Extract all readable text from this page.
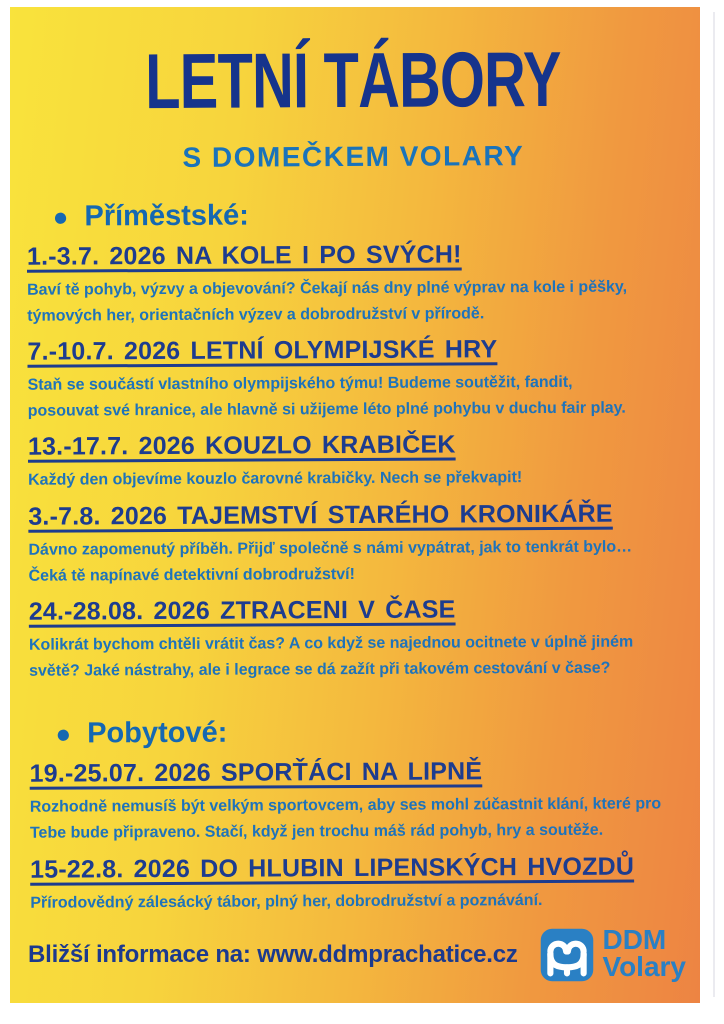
LETNÍ TÁBORY
S DOMEČKEM VOLARY
● Příměstské:
1.-3.7. 2026 NA KOLE I PO SVÝCH!

Baví tě pohyb, výzvy a objevování? Čekají nás dny plné výprav na kole i pěšky,
týmových her, orientačních výzev a dobrodružství v přírodě.

7.-10.7. 2026 LETNÍ OLYMPIJSKÉ HRY

Staň se součástí vlastního olympijského týmu! Budeme soutěžit, fandit,
posouvat své hranice, ale hlavně si užijeme léto plné pohybu v duchu fair play.

13.-17.7. 2026 KOUZLO KRABIČEK

Každý den objevíme kouzlo čarovné krabičky. Nech se překvapit!

3.-7.8. 2026 TAJEMSTVÍ STARÉHO KRONIKÁŘE

Dávno zapomenutý příběh. Přijď společně s námi vypátrat, jak to tenkrát bylo…
Čeká tě napínavé detektivní dobrodružství!

24.-28.08. 2026 ZTRACENI V ČASE

Kolikrát bychom chtěli vrátit čas? A co když se najednou ocitnete v úplně jiném
světě? Jaké nástrahy, ale i legrace se dá zažít při takovém cestování v čase?

● Pobytové:
19.-25.07. 2026 SPORŤÁCI NA LIPNĚ

Rozhodně nemusíš být velkým sportovcem, aby ses mohl zúčastnit klání, které pro
Tebe bude připraveno. Stačí, když jen trochu máš rád pohyb, hry a soutěže.

15-22.8. 2026 DO HLUBIN LIPENSKÝCH HVOZDŮ

Přírodovědný zálesácký tábor, plný her, dobrodružství a poznávání.

Bližší informace na: www.ddmprachatice.cz	DDM
Volary
